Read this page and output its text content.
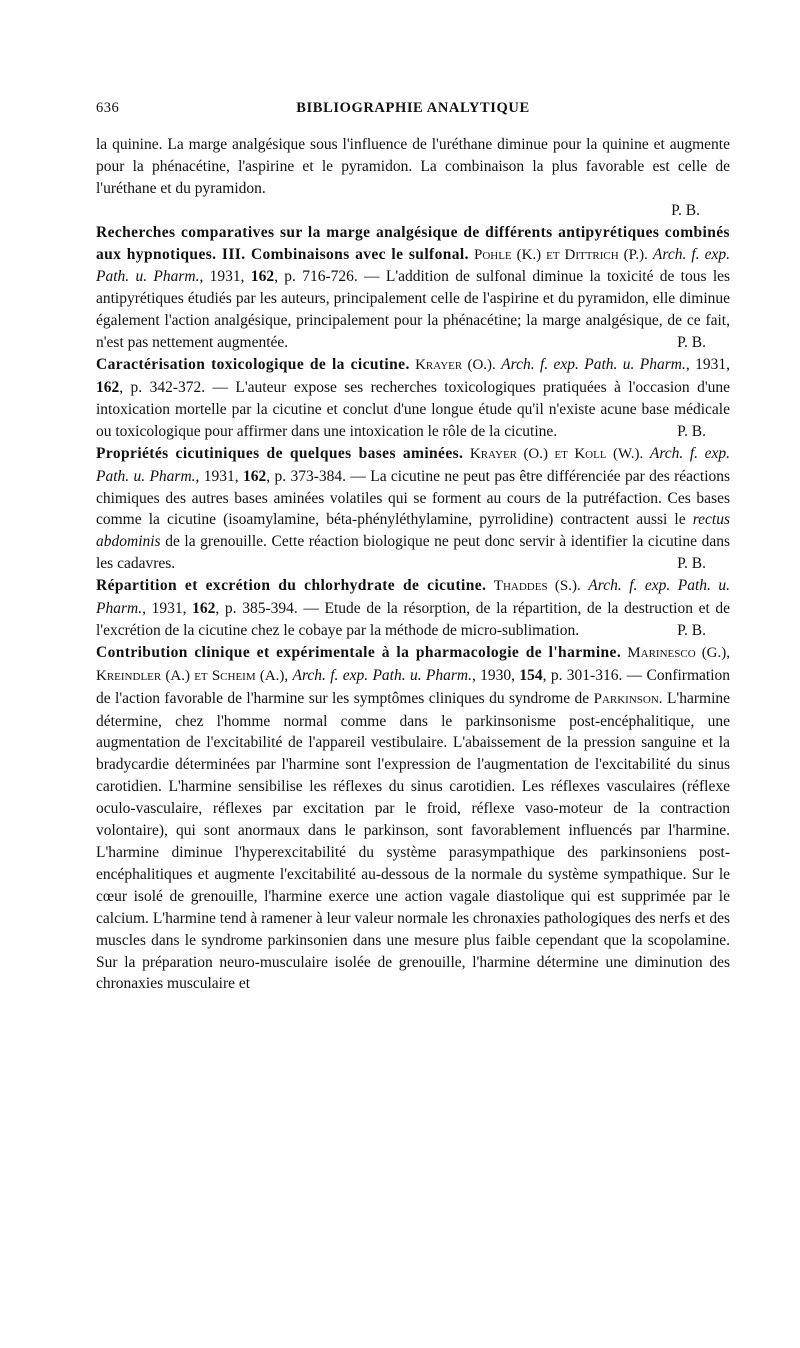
636	BIBLIOGRAPHIE ANALYTIQUE

la quinine. La marge analgésique sous l'influence de l'uréthane diminue pour la quinine et augmente pour la phénacétine, l'aspirine et le pyramidon. La combinaison la plus favorable est celle de l'uréthane et du pyramidon.
P. B.

Recherches comparatives sur la marge analgésique de différents antipyrétiques combinés aux hypnotiques. III. Combinaisons avec le sulfonal. Pohle (K.) et Dittrich (P.). Arch. f. exp. Path. u. Pharm., 1931, 162, p. 716-726. — L'addition de sulfonal diminue la toxicité de tous les antipyrétiques étudiés par les auteurs, principalement celle de l'aspirine et du pyramidon, elle diminue également l'action analgésique, principalement pour la phénacétine; la marge analgésique, de ce fait, n'est pas nettement augmentée.	P. B.

Caractérisation toxicologique de la cicutine. Krayer (O.). Arch. f. exp. Path. u. Pharm., 1931, 162, p. 342-372. — L'auteur expose ses recherches toxicologiques pratiquées à l'occasion d'une intoxication mortelle par la cicutine et conclut d'une longue étude qu'il n'existe acune base médicale ou toxicologique pour affirmer dans une intoxication le rôle de la cicutine.	P. B.

Propriétés cicutiniques de quelques bases aminées. Krayer (O.) et Koll (W.). Arch. f. exp. Path. u. Pharm., 1931, 162, p. 373-384. — La cicutine ne peut pas être différenciée par des réactions chimiques des autres bases aminées volatiles qui se forment au cours de la putréfaction. Ces bases comme la cicutine (isoamylamine, béta-phényléthylamine, pyrrolidine) contractent aussi le rectus abdominis de la grenouille. Cette réaction biologique ne peut donc servir à identifier la cicutine dans les cadavres.	P. B.

Répartition et excrétion du chlorhydrate de cicutine. Thaddes (S.). Arch. f. exp. Path. u. Pharm., 1931, 162, p. 385-394. — Etude de la résorption, de la répartition, de la destruction et de l'excrétion de la cicutine chez le cobaye par la méthode de micro-sublimation.	P. B.

Contribution clinique et expérimentale à la pharmacologie de l'harmine. Marinesco (G.), Kreindler (A.) et Scheim (A.), Arch. f. exp. Path. u. Pharm., 1930, 154, p. 301-316. — Confirmation de l'action favorable de l'harmine sur les symptômes cliniques du syndrome de Parkinson. L'harmine détermine, chez l'homme normal comme dans le parkinsonisme post-encéphalitique, une augmentation de l'excitabilité de l'appareil vestibulaire. L'abaissement de la pression sanguine et la bradycardie déterminées par l'harmine sont l'expression de l'augmentation de l'excitabilité du sinus carotidien. L'harmine sensibilise les réflexes du sinus carotidien. Les réflexes vasculaires (réflexe oculo-vasculaire, réflexes par excitation par le froid, réflexe vaso-moteur de la contraction volontaire), qui sont anormaux dans le parkinson, sont favorablement influencés par l'harmine. L'harmine diminue l'hyperexcitabilité du système parasympathique des parkinsoniens post-encéphalitiques et augmente l'excitabilité au-dessous de la normale du système sympathique. Sur le cœur isolé de grenouille, l'harmine exerce une action vagale diastolique qui est supprimée par le calcium. L'harmine tend à ramener à leur valeur normale les chronaxies pathologiques des nerfs et des muscles dans le syndrome parkinsonien dans une mesure plus faible cependant que la scopolamine. Sur la préparation neuro-musculaire isolée de grenouille, l'harmine détermine une diminution des chronaxies musculaire et
